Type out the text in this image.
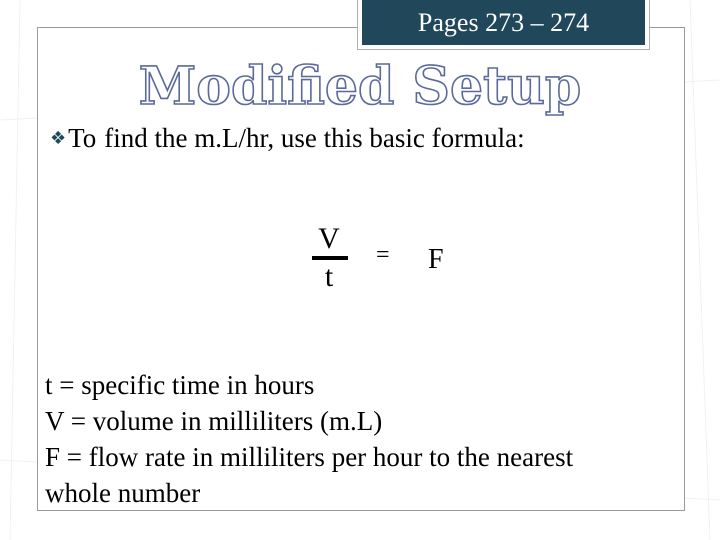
Pages 273 – 274
Modified Setup
❖To find the m.L/hr, use this basic formula:
V
t
= F
t = specific time in hours
V = volume in milliliters (m.L)
F = flow rate in milliliters per hour to the nearest
whole number
